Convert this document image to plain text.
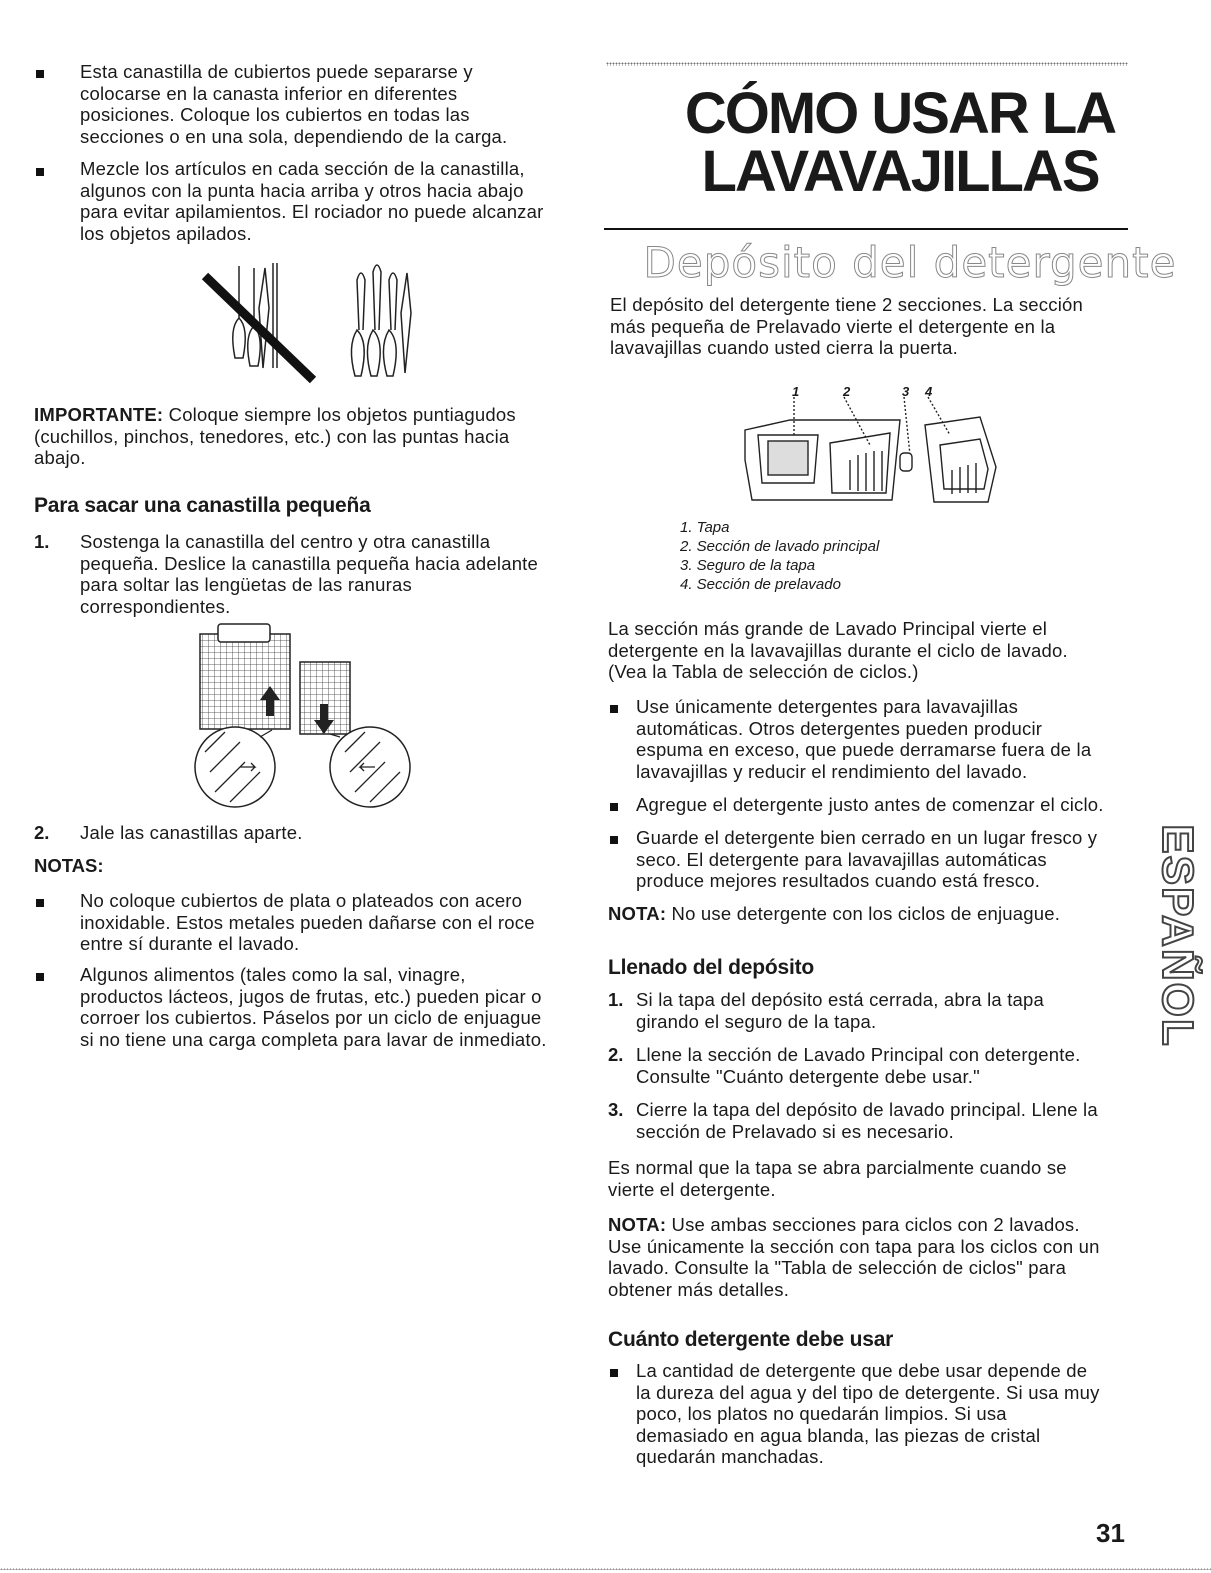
Esta canastilla de cubiertos puede separarse y
colocarse en la canasta inferior en diferentes
posiciones. Coloque los cubiertos en todas las
secciones o en una sola, dependiendo de la carga.
Mezcle los artículos en cada sección de la canastilla,
algunos con la punta hacia arriba y otros hacia abajo
para evitar apilamientos. El rociador no puede alcanzar
los objetos apilados.
IMPORTANTE: Coloque siempre los objetos puntiagudos
(cuchillos, pinchos, tenedores, etc.) con las puntas hacia
abajo.
Para sacar una canastilla pequeña
1. Sostenga la canastilla del centro y otra canastilla
pequeña. Deslice la canastilla pequeña hacia adelante
para soltar las lengüetas de las ranuras
correspondientes.
2. Jale las canastillas aparte.
NOTAS:
No coloque cubiertos de plata o plateados con acero
inoxidable. Estos metales pueden dañarse con el roce
entre sí durante el lavado.
Algunos alimentos (tales como la sal, vinagre,
productos lácteos, jugos de frutas, etc.) pueden picar o
corroer los cubiertos. Páselos por un ciclo de enjuague
si no tiene una carga completa para lavar de inmediato.
CÓMO USAR LA
LAVAVAJILLAS
Depósito del detergente
El depósito del detergente tiene 2 secciones. La sección
más pequeña de Prelavado vierte el detergente en la
lavavajillas cuando usted cierra la puerta.
1	2	3 4
1. Tapa
2. Sección de lavado principal
3. Seguro de la tapa
4. Sección de prelavado
La sección más grande de Lavado Principal vierte el
detergente en la lavavajillas durante el ciclo de lavado.
(Vea la Tabla de selección de ciclos.)
Use únicamente detergentes para lavavajillas
automáticas. Otros detergentes pueden producir
espuma en exceso, que puede derramarse fuera de la
lavavajillas y reducir el rendimiento del lavado.
Agregue el detergente justo antes de comenzar el ciclo.
Guarde el detergente bien cerrado en un lugar fresco y
seco. El detergente para lavavajillas automáticas
produce mejores resultados cuando está fresco.
NOTA: No use detergente con los ciclos de enjuague.
Llenado del depósito
1. Si la tapa del depósito está cerrada, abra la tapa
girando el seguro de la tapa.
2. Llene la sección de Lavado Principal con detergente.
Consulte "Cuánto detergente debe usar."
3. Cierre la tapa del depósito de lavado principal. Llene la
sección de Prelavado si es necesario.
Es normal que la tapa se abra parcialmente cuando se
vierte el detergente.
NOTA: Use ambas secciones para ciclos con 2 lavados.
Use únicamente la sección con tapa para los ciclos con un
lavado. Consulte la "Tabla de selección de ciclos" para
obtener más detalles.
Cuánto detergente debe usar
La cantidad de detergente que debe usar depende de
la dureza del agua y del tipo de detergente. Si usa muy
poco, los platos no quedarán limpios. Si usa
demasiado en agua blanda, las piezas de cristal
quedarán manchadas.
ESPAÑOL
31
